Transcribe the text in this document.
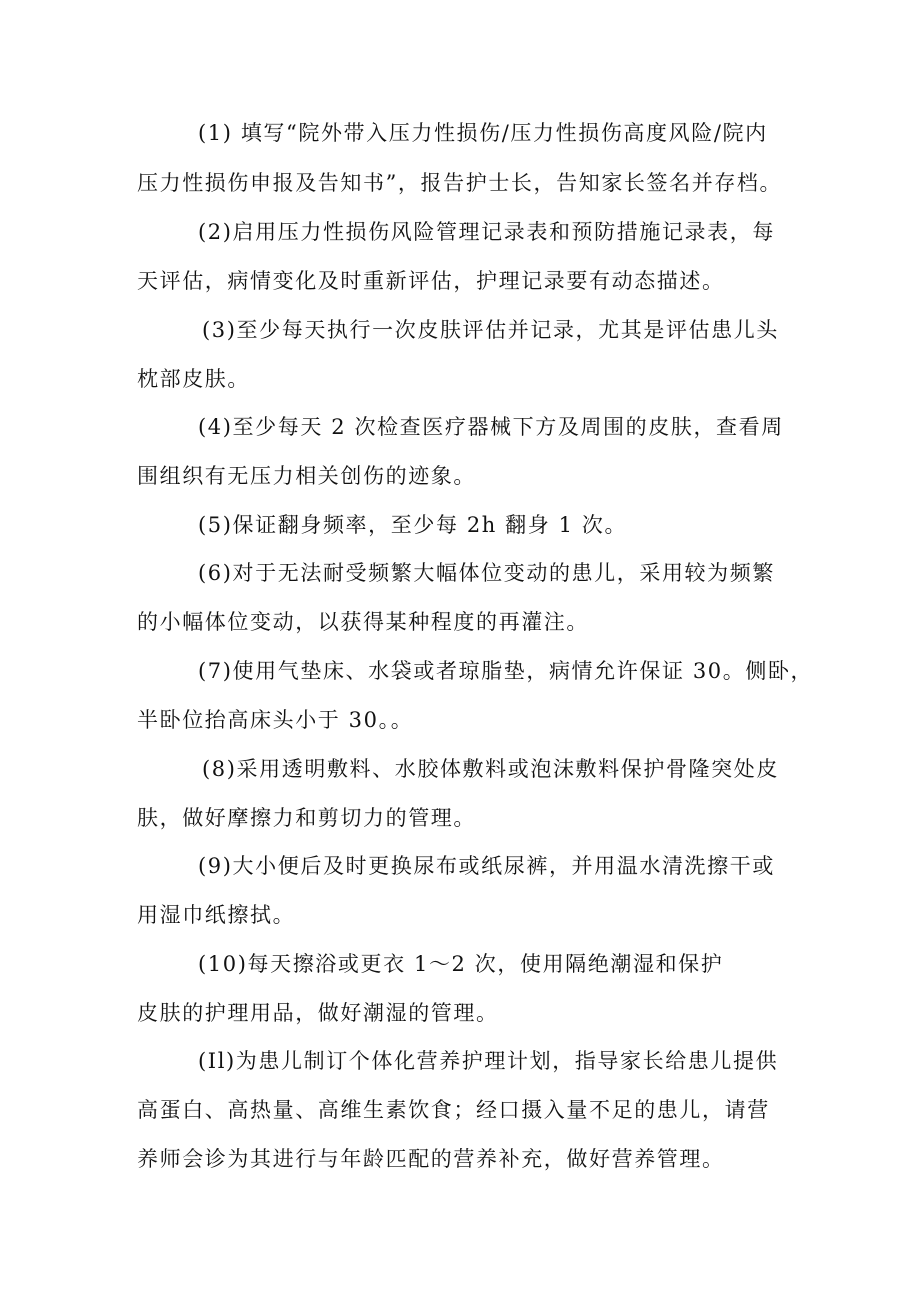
(1) 填写“院外带入压力性损伤/压力性损伤高度风险/院内
压力性损伤申报及告知书”，报告护士长，告知家长签名并存档。
(2)启用压力性损伤风险管理记录表和预防措施记录表，每
天评估，病情变化及时重新评估，护理记录要有动态描述。
(3)至少每天执行一次皮肤评估并记录，尤其是评估患儿头
枕部皮肤。
(4)至少每天 2 次检查医疗器械下方及周围的皮肤，查看周
围组织有无压力相关创伤的迹象。
(5)保证翻身频率，至少每 2h 翻身 1 次。
(6)对于无法耐受频繁大幅体位变动的患儿，采用较为频繁
的小幅体位变动，以获得某种程度的再灌注。
(7)使用气垫床、水袋或者琼脂垫，病情允许保证 30。侧卧，
半卧位抬高床头小于 30。。
(8)采用透明敷料、水胶体敷料或泡沫敷料保护骨隆突处皮
肤，做好摩擦力和剪切力的管理。
(9)大小便后及时更换尿布或纸尿裤，并用温水清洗擦干或
用湿巾纸擦拭。
(10)每天擦浴或更衣 1～2 次，使用隔绝潮湿和保护
皮肤的护理用品，做好潮湿的管理。
(Il)为患儿制订个体化营养护理计划，指导家长给患儿提供
高蛋白、高热量、高维生素饮食；经口摄入量不足的患儿，请营
养师会诊为其进行与年龄匹配的营养补充，做好营养管理。
